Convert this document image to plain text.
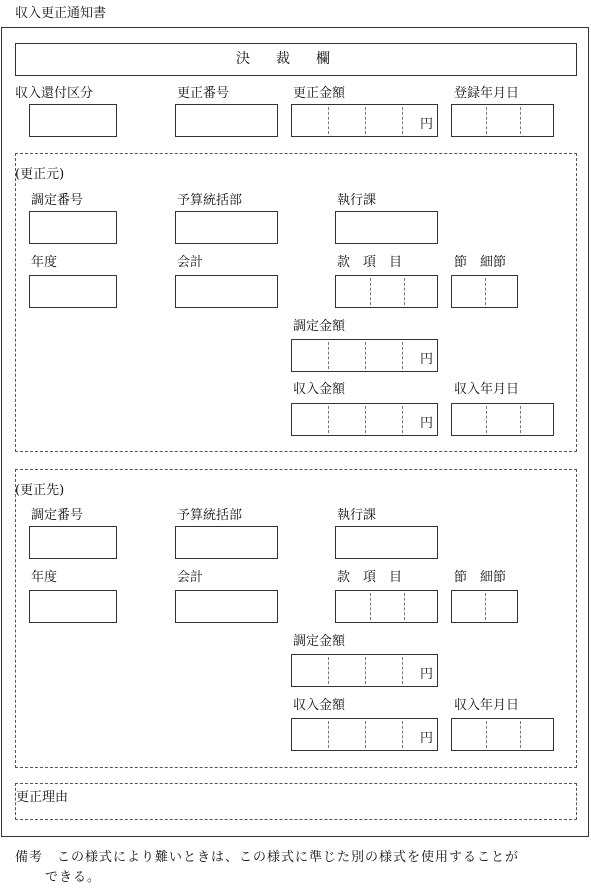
収入更正通知書
決裁欄
収入還付区分	更正番号	更正金額	登録年月日
円
(更正元)
調定番号	予算統括部	執行課
年度	会計	款　項　目	節　細節
調定金額
円
収入金額	収入年月日
円
(更正先)
調定番号	予算統括部	執行課
年度	会計	款　項　目	節　細節
調定金額
円
収入金額	収入年月日
円
更正理由
備考　この様式により難いときは、この様式に準じた別の様式を使用することが
できる。
